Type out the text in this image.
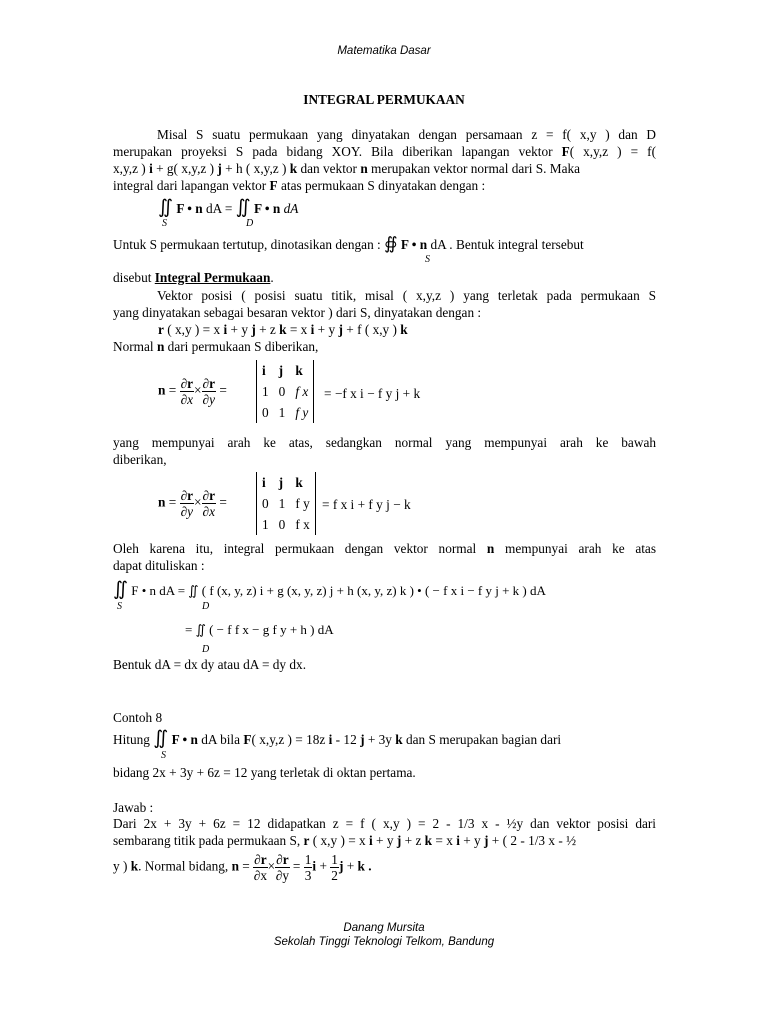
Matematika Dasar
INTEGRAL PERMUKAAN
Misal S suatu permukaan yang dinyatakan dengan persamaan z = f( x,y ) dan D
merupakan proyeksi S pada bidang XOY. Bila diberikan lapangan vektor F( x,y,z ) = f(
x,y,z ) i + g( x,y,z ) j + h ( x,y,z ) k dan vektor n merupakan vektor normal dari S. Maka
integral dari lapangan vektor F atas permukaan S dinyatakan dengan :
∬ F • n dA = ∬ F • n dA
S	D
Untuk S permukaan tertutup, dinotasikan dengan : ∯ F • n dA . Bentuk integral tersebut
S
disebut Integral Permukaan.
Vektor posisi ( posisi suatu titik, misal ( x,y,z ) yang terletak pada permukaan S
yang dinyatakan sebagai besaran vektor ) dari S, dinyatakan dengan :
r ( x,y ) = x i + y j + z k = x i + y j + f ( x,y ) k
Normal n dari permukaan S diberikan,
$n = \frac{\partial r}{\partial x} \times \frac{\partial r}{\partial y}$ =
i	j	k
1	0	f x
0	1	f y
= −f x i − f y j + k
yang mempunyai arah ke atas, sedangkan normal yang mempunyai arah ke bawah
diberikan,
$n = \frac{\partial r}{\partial y} \times \frac{\partial r}{\partial x}$ =
i	j	k
0	1	f y
1	0	f x
= f x i + f y j − k
Oleh karena itu, integral permukaan dengan vektor normal n mempunyai arah ke atas
dapat dituliskan :
∬ F • n dA = ∬ ( f (x, y, z) i + g (x, y, z) j + h (x, y, z) k ) • ( − f x i − f y j + k ) dA
S	D
= ∬ ( − f f x − g f y + h ) dA
D
Bentuk dA = dx dy atau dA = dy dx.
Contoh 8
Hitung ∬ F • n dA bila F( x,y,z ) = 18z i - 12 j + 3y k dan S merupakan bagian dari
S
bidang 2x + 3y + 6z = 12 yang terletak di oktan pertama.
Jawab :
Dari 2x + 3y + 6z = 12 didapatkan z = f ( x,y ) = 2 - 1/3 x - ½y dan vektor posisi dari
sembarang titik pada permukaan S, r ( x,y ) = x i + y j + z k = x i + y j + ( 2 - 1/3 x - ½
y ) k. Normal bidang, $n = \frac{\partial r}{\partial x} \times \frac{\partial r}{\partial y} = \frac{1}{3}$ $i + \frac{1}{2}$ j + k .
Danang Mursita
Sekolah Tinggi Teknologi Telkom, Bandung
